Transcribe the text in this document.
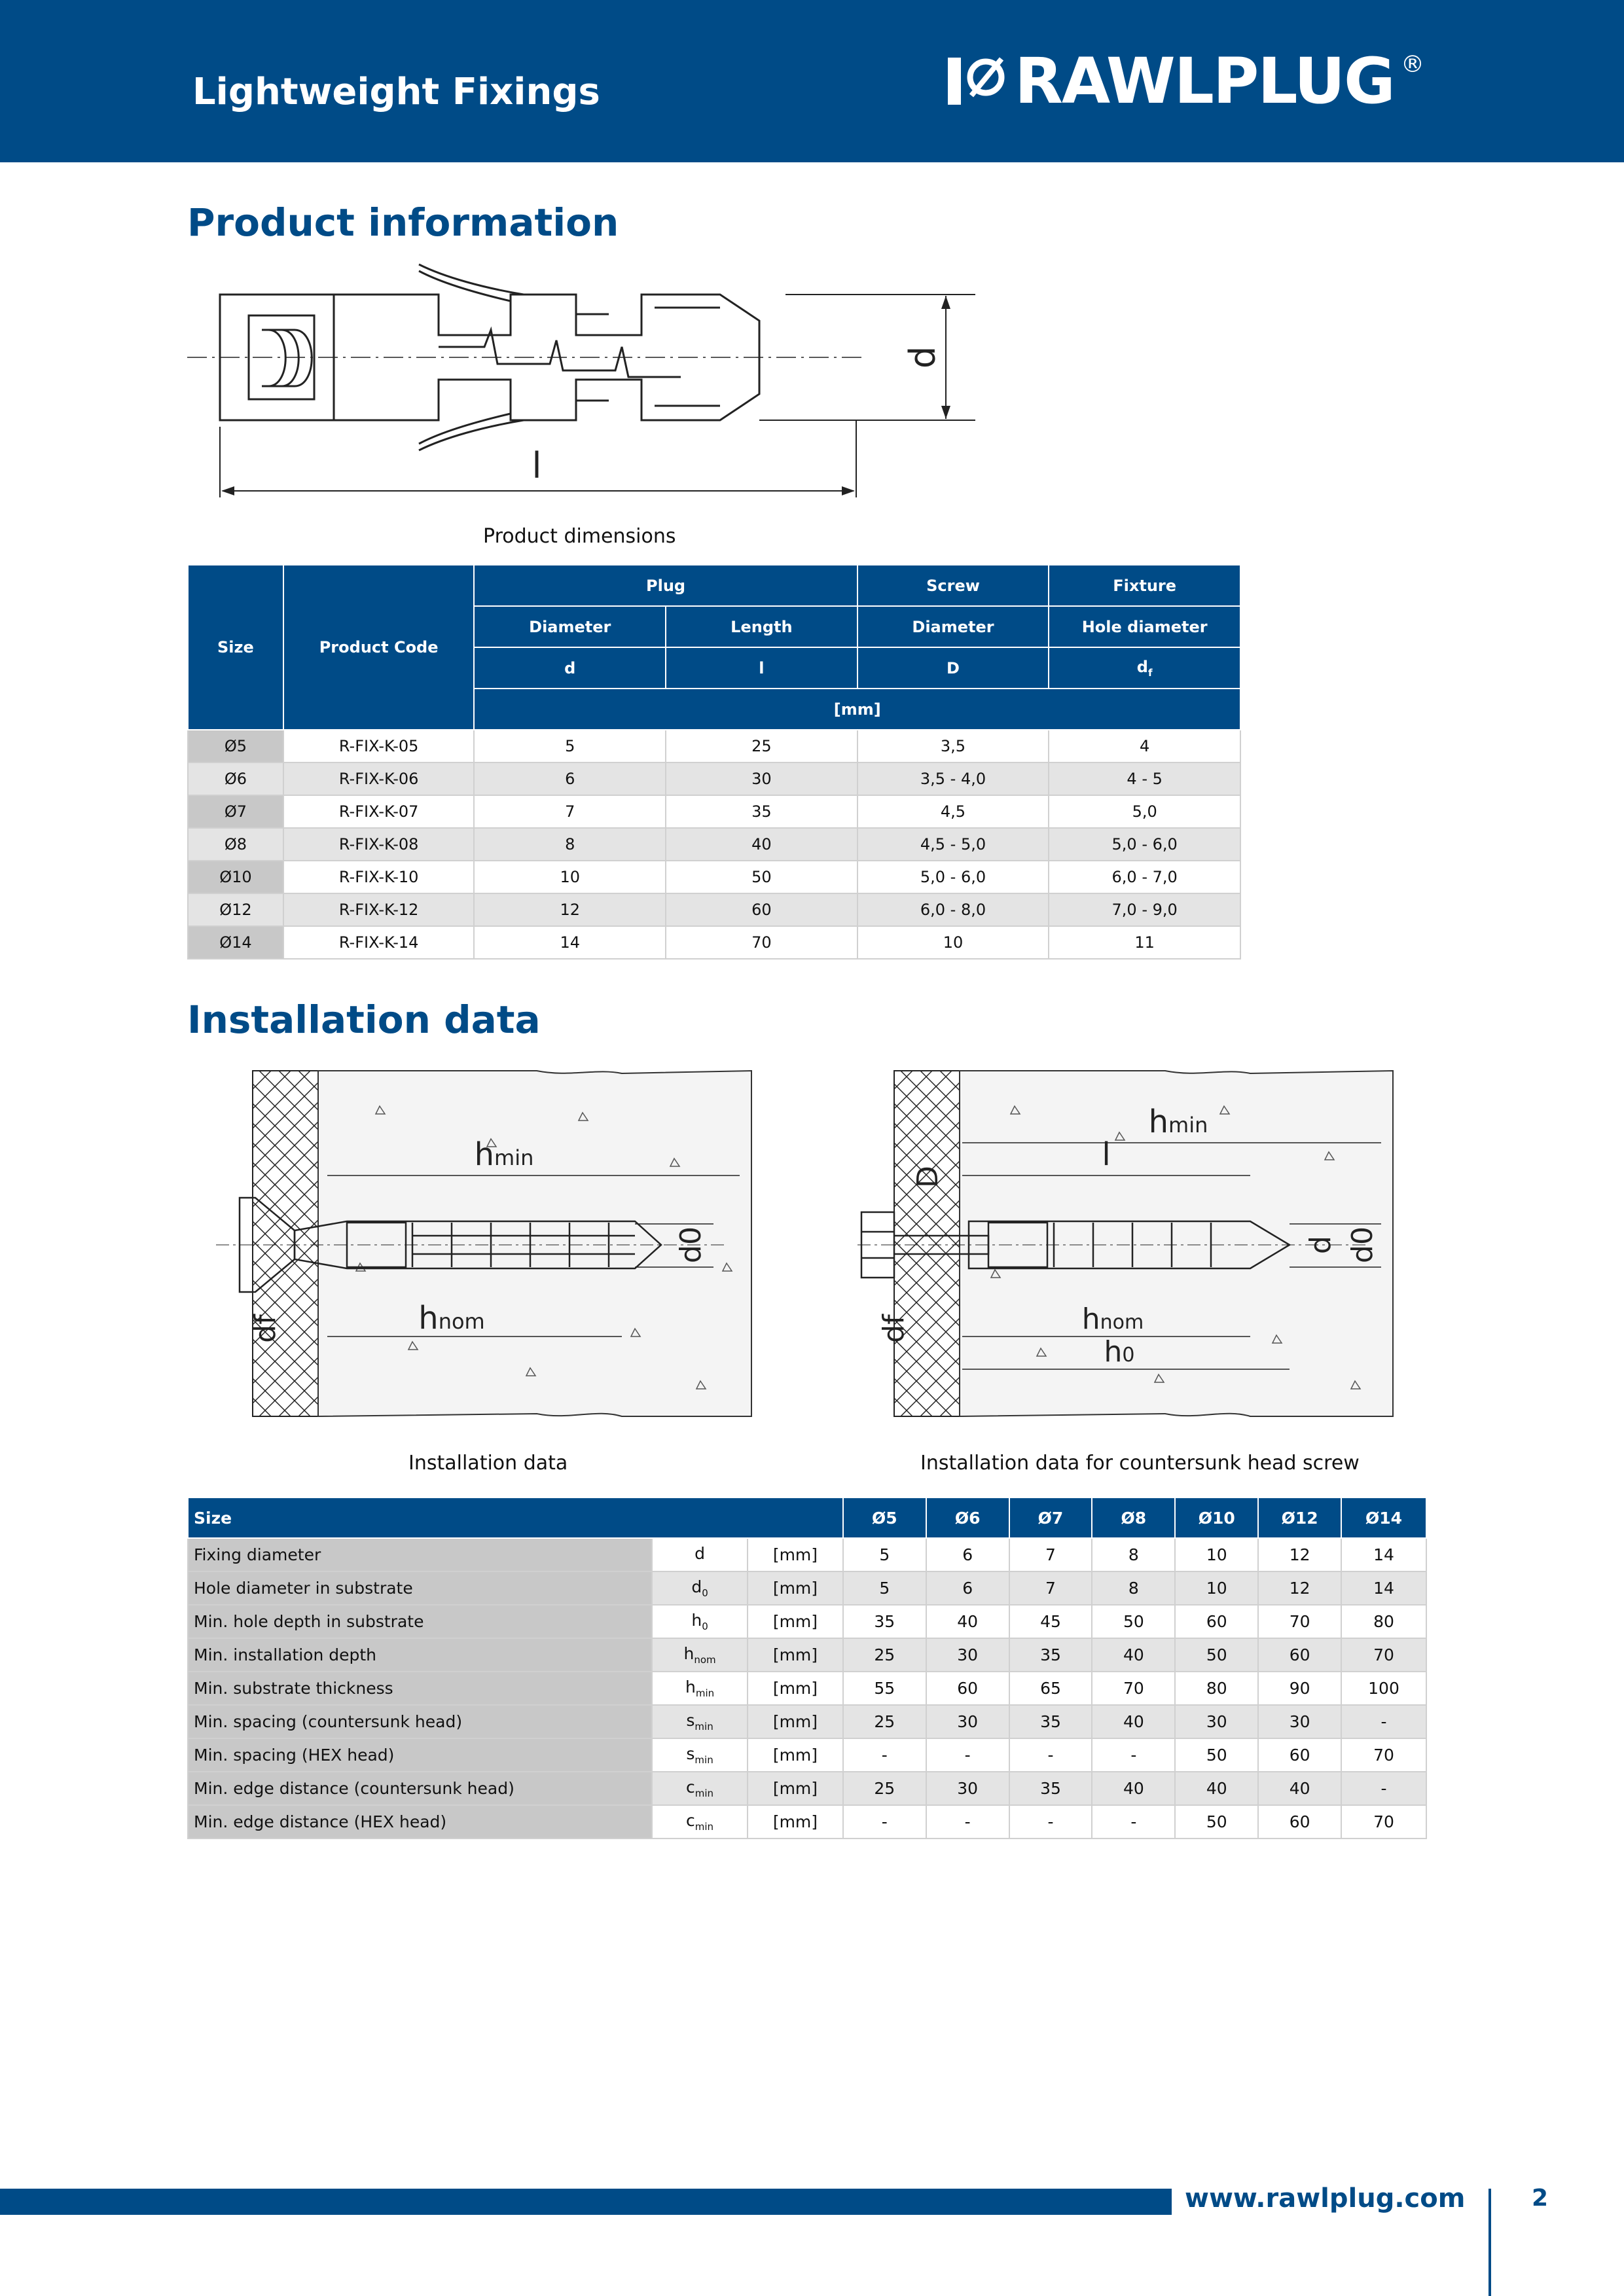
Lightweight Fixings	RAWLPLUG ®
Product information
d
l
Product dimensions
Size	Product Code	Plug		Screw	Fixture
		Diameter	Length	Diameter	Hole diameter
		d	l	D	$d_f$
		[mm]			
Ø5	R-FIX-K-05	5	25	3,5	4
Ø6	R-FIX-K-06	6	30	3,5 - 4,0	4 - 5
Ø7	R-FIX-K-07	7	35	4,5	5,0
Ø8	R-FIX-K-08	8	40	4,5 - 5,0	5,0 - 6,0
Ø10	R-FIX-K-10	10	50	5,0 - 6,0	6,0 - 7,0
Ø12	R-FIX-K-12	12	60	6,0 - 8,0	7,0 - 9,0
Ø14	R-FIX-K-14	14	70	10	11
Installation data
hmin
hnom
d0
df
hmin
l
hnom
h0
D
d d0
df
Installation data	Installation data for countersunk head screw
Size			Ø5	Ø6	Ø7	Ø8	Ø10	Ø12	Ø14
Fixing diameter	d	[mm]	5	6	7	8	10	12	14
Hole diameter in substrate	$d_0$	[mm]	5	6	7	8	10	12	14
Min. hole depth in substrate	$h_0$	[mm]	35	40	45	50	60	70	80
Min. installation depth	$h_{nom}$	[mm]	25	30	35	40	50	60	70
Min. substrate thickness	$h_{min}$	[mm]	55	60	65	70	80	90	100
Min. spacing (countersunk head)	$s_{min}$	[mm]	25	30	35	40	30	30	-
Min. spacing (HEX head)	$s_{min}$	[mm]	-	-	-	-	50	60	70
Min. edge distance (countersunk head)	$c_{min}$	[mm]	25	30	35	40	40	40	-
Min. edge distance (HEX head)	$c_{min}$	[mm]	-	-	-	-	50	60	70
www.rawlplug.com	2
